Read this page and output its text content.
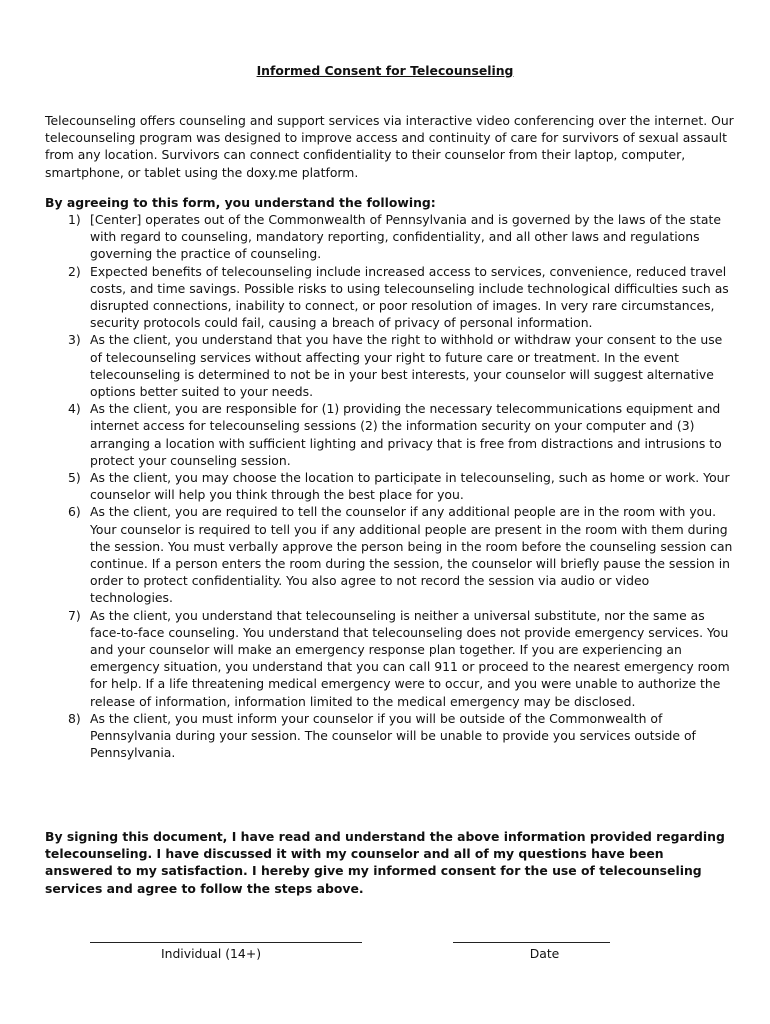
Informed Consent for Telecounseling

Telecounseling offers counseling and support services via interactive video conferencing over the internet. Our telecounseling program was designed to improve access and continuity of care for survivors of sexual assault from any location. Survivors can connect confidentiality to their counselor from their laptop, computer, smartphone, or tablet using the doxy.me platform.

By agreeing to this form, you understand the following:

1) [Center] operates out of the Commonwealth of Pennsylvania and is governed by the laws of the state with regard to counseling, mandatory reporting, confidentiality, and all other laws and regulations governing the practice of counseling.
2) Expected benefits of telecounseling include increased access to services, convenience, reduced travel costs, and time savings. Possible risks to using telecounseling include technological difficulties such as disrupted connections, inability to connect, or poor resolution of images. In very rare circumstances, security protocols could fail, causing a breach of privacy of personal information.
3) As the client, you understand that you have the right to withhold or withdraw your consent to the use of telecounseling services without affecting your right to future care or treatment. In the event telecounseling is determined to not be in your best interests, your counselor will suggest alternative options better suited to your needs.
4) As the client, you are responsible for (1) providing the necessary telecommunications equipment and internet access for telecounseling sessions (2) the information security on your computer and (3) arranging a location with sufficient lighting and privacy that is free from distractions and intrusions to protect your counseling session.
5) As the client, you may choose the location to participate in telecounseling, such as home or work. Your counselor will help you think through the best place for you.
6) As the client, you are required to tell the counselor if any additional people are in the room with you. Your counselor is required to tell you if any additional people are present in the room with them during the session. You must verbally approve the person being in the room before the counseling session can continue. If a person enters the room during the session, the counselor will briefly pause the session in order to protect confidentiality. You also agree to not record the session via audio or video technologies.
7) As the client, you understand that telecounseling is neither a universal substitute, nor the same as face-to-face counseling. You understand that telecounseling does not provide emergency services. You and your counselor will make an emergency response plan together. If you are experiencing an emergency situation, you understand that you can call 911 or proceed to the nearest emergency room for help. If a life threatening medical emergency were to occur, and you were unable to authorize the release of information, information limited to the medical emergency may be disclosed.
8) As the client, you must inform your counselor if you will be outside of the Commonwealth of Pennsylvania during your session. The counselor will be unable to provide you services outside of Pennsylvania.

By signing this document, I have read and understand the above information provided regarding telecounseling. I have discussed it with my counselor and all of my questions have been answered to my satisfaction. I hereby give my informed consent for the use of telecounseling services and agree to follow the steps above.

Individual (14+)	Date
